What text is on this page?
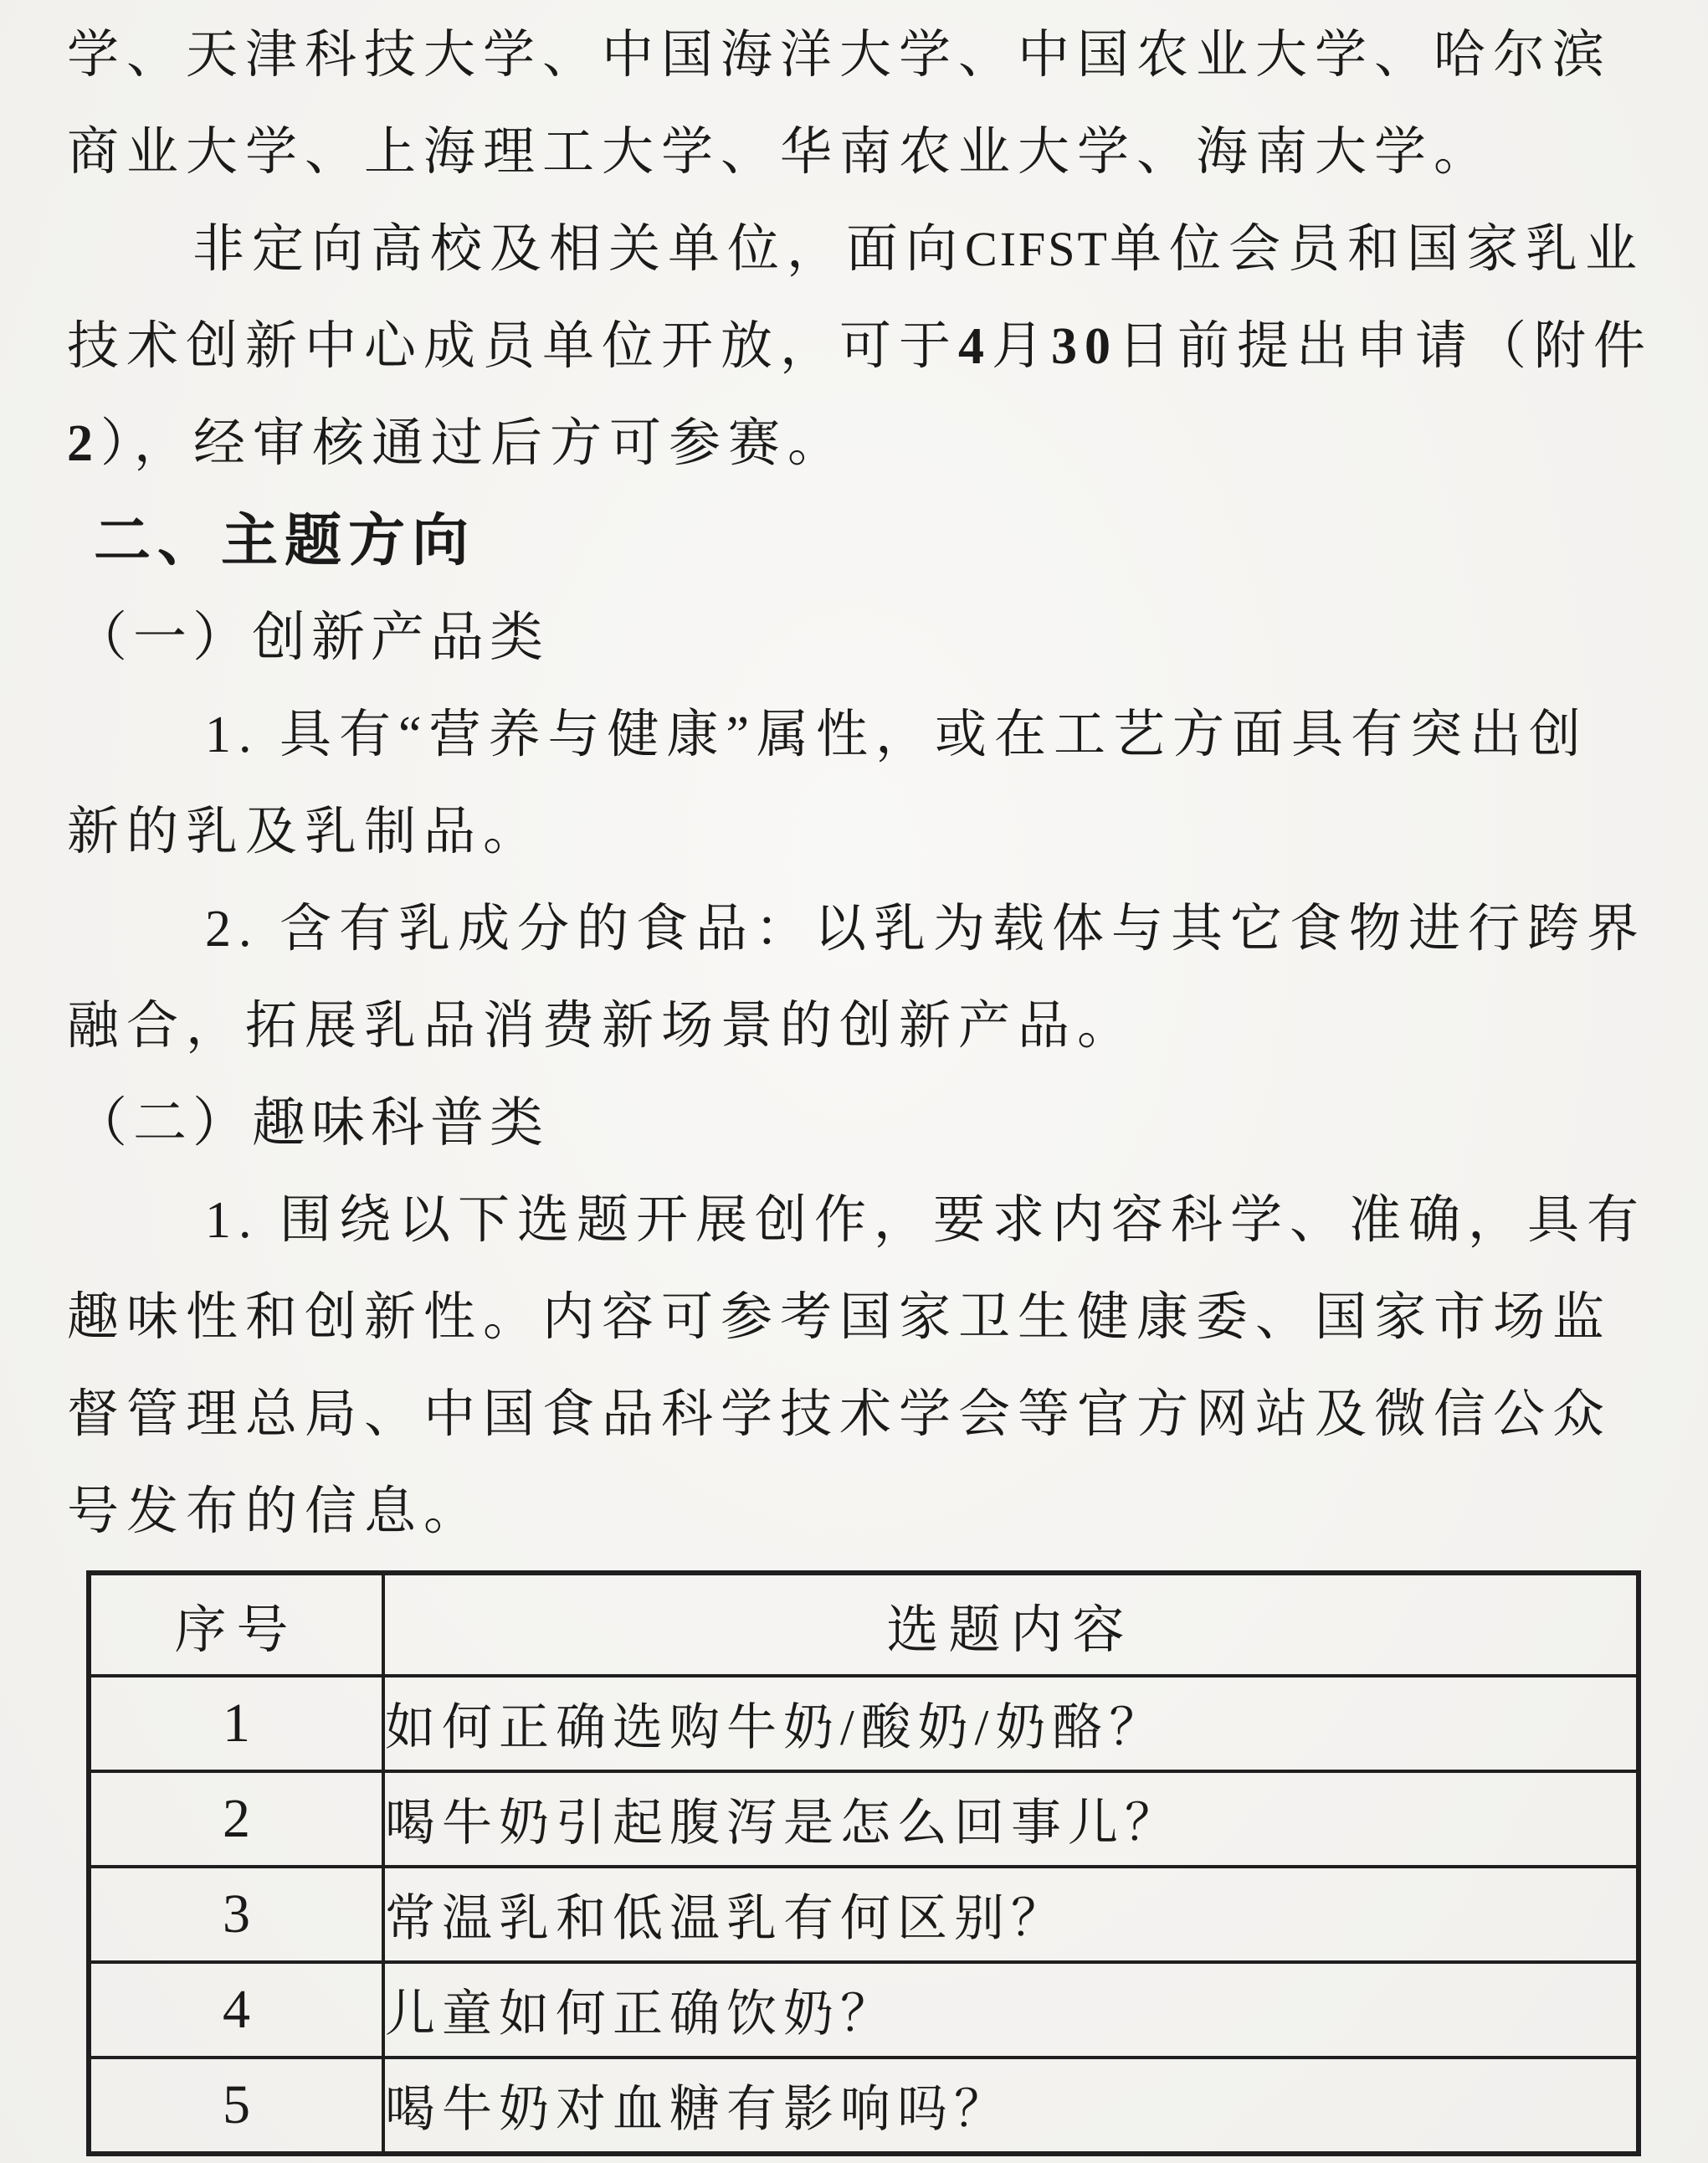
学、天津科技大学、中国海洋大学、中国农业大学、哈尔滨
商业大学、上海理工大学、华南农业大学、海南大学。
非定向高校及相关单位，面向 CIFST 单位会员和国家乳业
技术创新中心成员单位开放，可于 4 月 30 日前提出申请（附件
2 ），经审核通过后方可参赛。
二、主题方向
（一）创新产品类
1. 具有“营养与健康”属性，或在工艺方面具有突出创
新的乳及乳制品。
2. 含有乳成分的食品：以乳为载体与其它食物进行跨界
融合，拓展乳品消费新场景的创新产品。
（二）趣味科普类
1. 围绕以下选题开展创作，要求内容科学、准确，具有
趣味性和创新性。内容可参考国家卫生健康委、国家市场监
督管理总局、中国食品科学技术学会等官方网站及微信公众
号发布的信息。
序号	选题内容
1	如何正确选购牛奶/酸奶/奶酪？
2	喝牛奶引起腹泻是怎么回事儿？
3	常温乳和低温乳有何区别？
4	儿童如何正确饮奶？
5	喝牛奶对血糖有影响吗？
